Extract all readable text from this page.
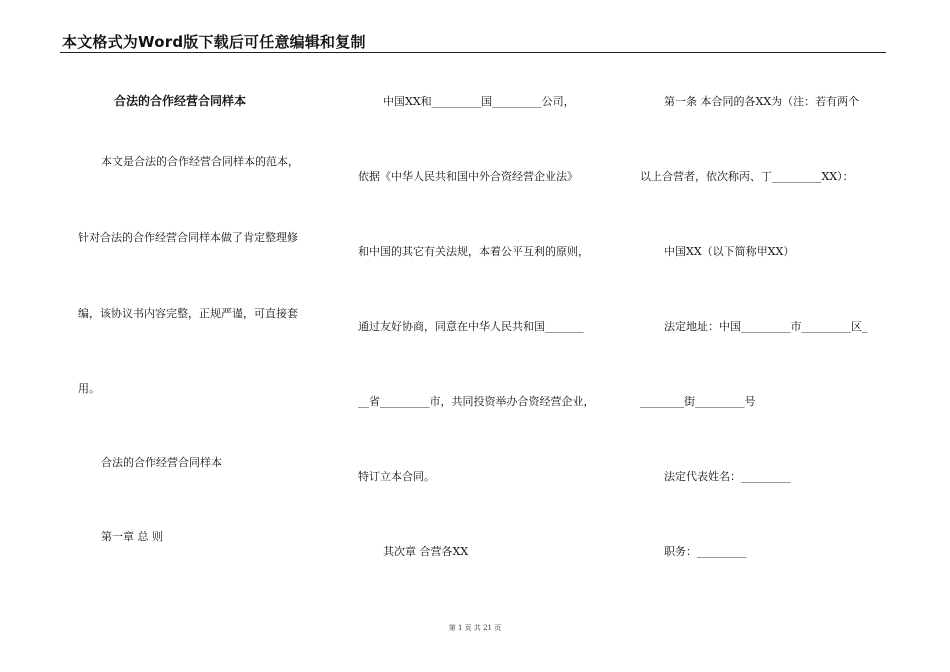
本文格式为Word版下载后可任意编辑和复制
合法的合作经营合同样本
本文是合法的合作经营合同样本的范本，
针对合法的合作经营合同样本做了肯定整理修
编，该协议书内容完整，正规严谨，可直接套
用。
合法的合作经营合同样本
第一章 总 则
中国XX和_________国_________公司，
依据《中华人民共和国中外合资经营企业法》
和中国的其它有关法规，本着公平互利的原则，
通过友好协商，同意在中华人民共和国_______
__省_________市，共同投资举办合资经营企业，
特订立本合同。
其次章 合营各XX
第一条 本合同的各XX为（注：若有两个
以上合营者，依次称丙、丁_________XX）：
中国XX（以下简称甲XX）
法定地址：中国_________市_________区_
________街_________号
法定代表姓名：_________
职务：_________
第 1 页 共 21 页
